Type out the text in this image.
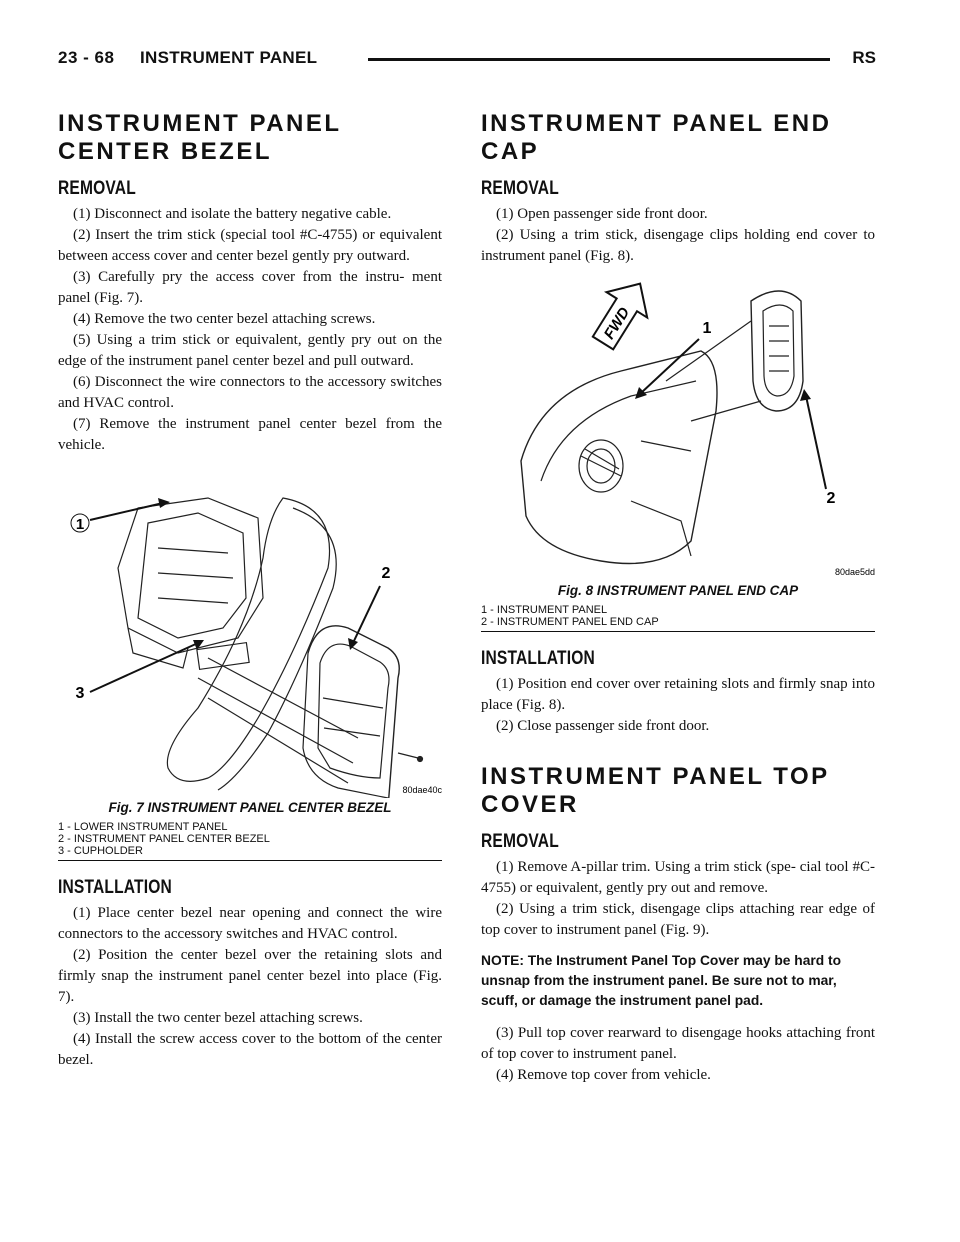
23 - 68 INSTRUMENT PANEL	RS
INSTRUMENT PANEL CENTER BEZEL
REMOVAL

(1) Disconnect and isolate the battery negative cable.

(2) Insert the trim stick (special tool #C-4755) or equivalent between access cover and center bezel gently pry outward.

(3) Carefully pry the access cover from the instru- ment panel (Fig. 7).

(4) Remove the two center bezel attaching screws.

(5) Using a trim stick or equivalent, gently pry out on the edge of the instrument panel center bezel and pull outward.

(6) Disconnect the wire connectors to the accessory switches and HVAC control.

(7) Remove the instrument panel center bezel from the vehicle.

1
2
3
80dae40c
Fig. 7 INSTRUMENT PANEL CENTER BEZEL
1 - LOWER INSTRUMENT PANEL
2 - INSTRUMENT PANEL CENTER BEZEL
3 - CUPHOLDER
INSTALLATION

(1) Place center bezel near opening and connect the wire connectors to the accessory switches and HVAC control.

(2) Position the center bezel over the retaining slots and firmly snap the instrument panel center bezel into place (Fig. 7).

(3) Install the two center bezel attaching screws.

(4) Install the screw access cover to the bottom of the center bezel.

INSTRUMENT PANEL END CAP
REMOVAL

(1) Open passenger side front door.

(2) Using a trim stick, disengage clips holding end cover to instrument panel (Fig. 8).

FWD	1
2
80dae5dd
Fig. 8 INSTRUMENT PANEL END CAP
1 - INSTRUMENT PANEL
2 - INSTRUMENT PANEL END CAP
INSTALLATION

(1) Position end cover over retaining slots and firmly snap into place (Fig. 8).

(2) Close passenger side front door.

INSTRUMENT PANEL TOP COVER
REMOVAL

(1) Remove A-pillar trim. Using a trim stick (spe- cial tool #C-4755) or equivalent, gently pry out and remove.

(2) Using a trim stick, disengage clips attaching rear edge of top cover to instrument panel (Fig. 9).

NOTE: The Instrument Panel Top Cover may be hard to unsnap from the instrument panel. Be sure not to mar, scuff, or damage the instrument panel pad.

(3) Pull top cover rearward to disengage hooks attaching front of top cover to instrument panel.

(4) Remove top cover from vehicle.
